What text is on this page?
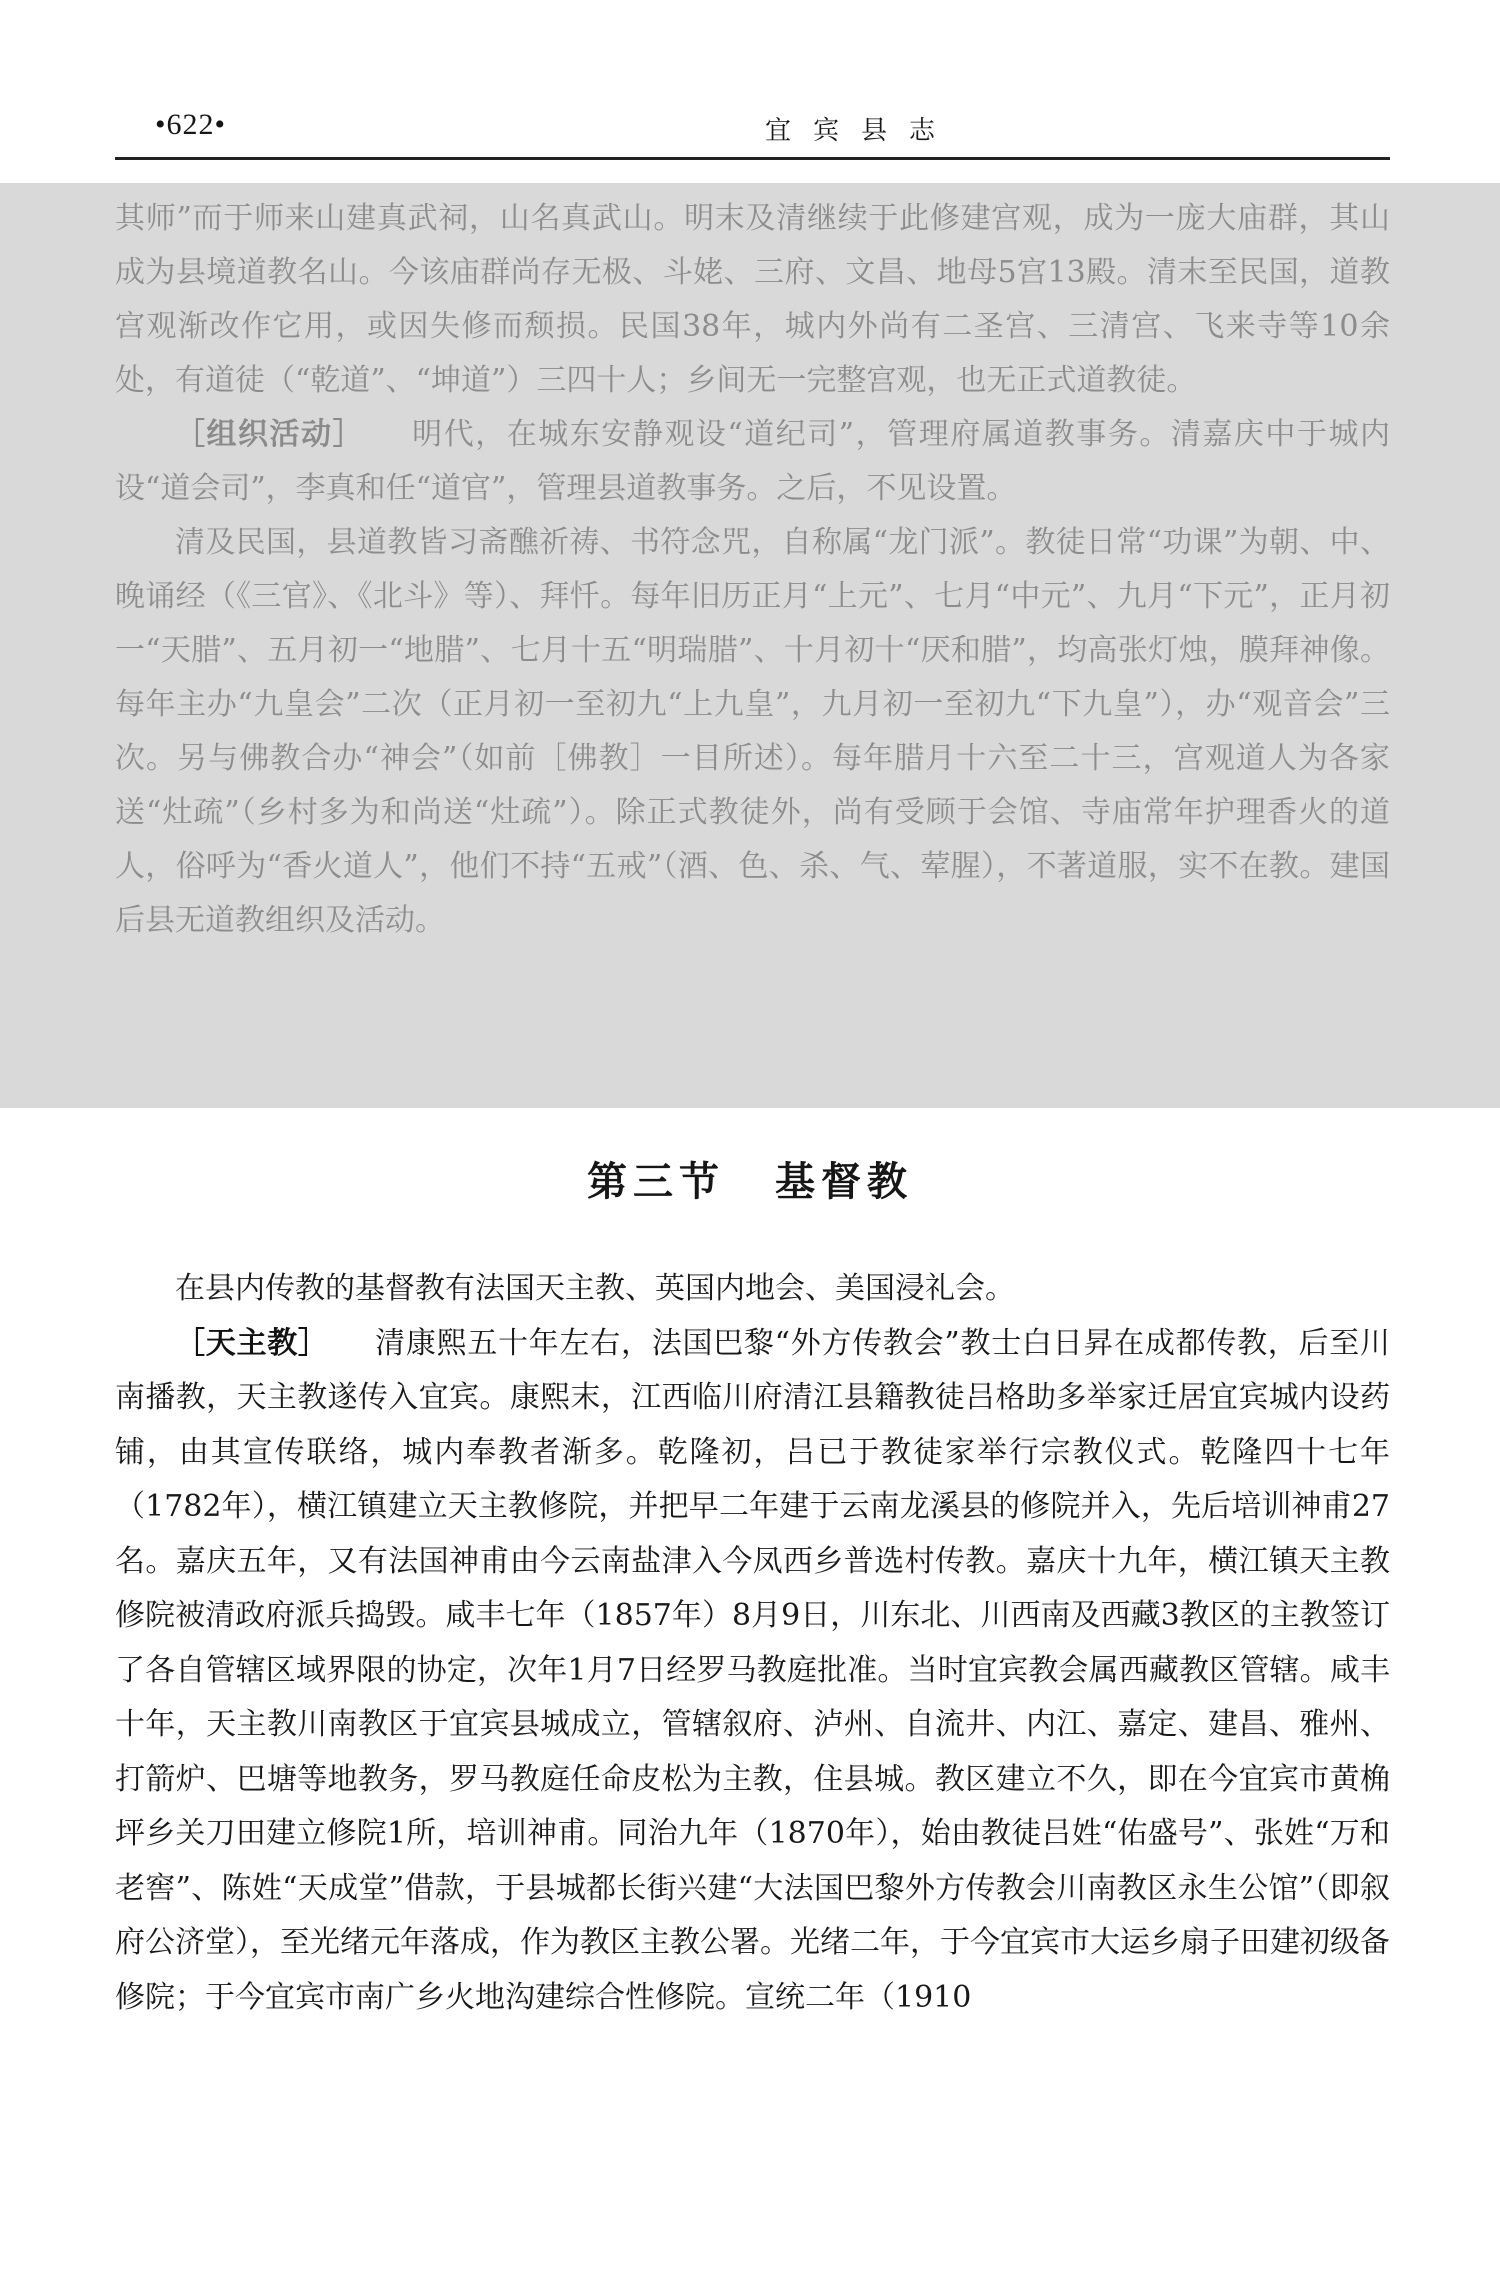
•622•	宜宾县志

其师”而于师来山建真武祠，山名真武山。明末及清继续于此修建宫观，成为一庞大庙群，其山成为县境道教名山。今该庙群尚存无极、斗姥、三府、文昌、地母5宫13殿。清末至民国，道教宫观渐改作它用，或因失修而颓损。民国38年，城内外尚有二圣宫、三清宫、飞来寺等10余处，有道徒（“乾道”、“坤道”）三四十人；乡间无一完整宫观，也无正式道教徒。

［组织活动］　　 明代，在城东安静观设“道纪司”，管理府属道教事务。清嘉庆中于城内设“道会司”，李真和任“道官”，管理县道教事务。之后，不见设置。

清及民国，县道教皆习斋醮祈祷、书符念咒，自称属“龙门派”。教徒日常“功课”为朝、中、晚诵经（《三官》、《北斗》等）、拜忏。每年旧历正月“上元”、七月“中元”、九月“下元”，正月初一“天腊”、五月初一“地腊”、七月十五“明瑞腊”、十月初十“厌和腊”，均高张灯烛，膜拜神像。每年主办“九皇会”二次（正月初一至初九“上九皇”，九月初一至初九“下九皇”），办“观音会”三次。另与佛教合办“神会”（如前［佛教］一目所述）。每年腊月十六至二十三，宫观道人为各家送“灶疏”（乡村多为和尚送“灶疏”）。除正式教徒外，尚有受顾于会馆、寺庙常年护理香火的道人，俗呼为“香火道人”，他们不持“五戒”（酒、色、杀、气、荤腥），不著道服，实不在教。建国后县无道教组织及活动。

第三节 基督教

在县内传教的基督教有法国天主教、英国内地会、美国浸礼会。

［天主教］　　 清康熙五十年左右，法国巴黎“外方传教会”教士白日昇在成都传教，后至川南播教，天主教遂传入宜宾。康熙末，江西临川府清江县籍教徒吕格助多举家迁居宜宾城内设药铺，由其宣传联络，城内奉教者渐多。乾隆初，吕已于教徒家举行宗教仪式。乾隆四十七年（1782年），横江镇建立天主教修院，并把早二年建于云南龙溪县的修院并入，先后培训神甫27名。嘉庆五年，又有法国神甫由今云南盐津入今凤西乡普选村传教。嘉庆十九年，横江镇天主教修院被清政府派兵捣毁。咸丰七年（1857年）8月9日，川东北、川西南及西藏3教区的主教签订了各自管辖区域界限的协定，次年1月7日经罗马教庭批准。当时宜宾教会属西藏教区管辖。咸丰十年，天主教川南教区于宜宾县城成立，管辖叙府、泸州、自流井、内江、嘉定、建昌、雅州、打箭炉、巴塘等地教务，罗马教庭任命皮松为主教，住县城。教区建立不久，即在今宜宾市黄桷坪乡关刀田建立修院1所，培训神甫。同治九年（1870年），始由教徒吕姓“佑盛号”、张姓“万和老窖”、陈姓“天成堂”借款，于县城都长街兴建“大法国巴黎外方传教会川南教区永生公馆”（即叙府公济堂），至光绪元年落成，作为教区主教公署。光绪二年，于今宜宾市大运乡扇子田建初级备修院；于今宜宾市南广乡火地沟建综合性修院。宣统二年（1910
